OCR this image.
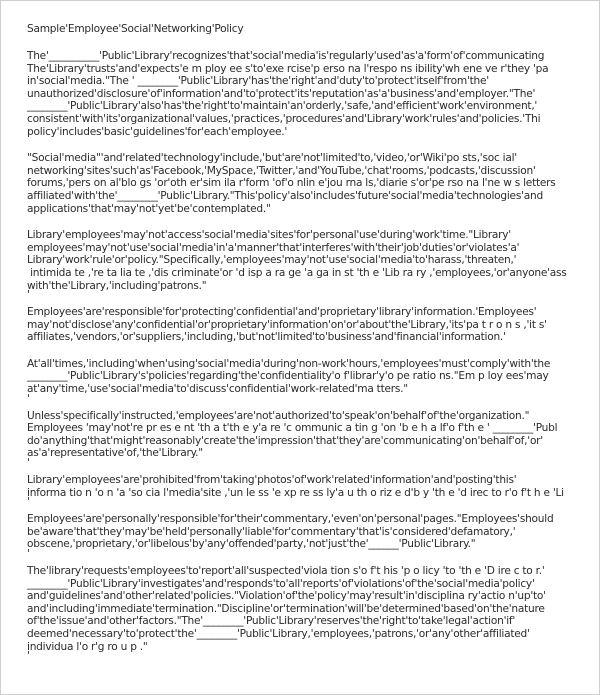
Sample'Employee'Social'Networking'Policy
The'__________'Public'Library'recognizes'that'social'media'is'regularly'used'as'a'form'of'communicating
The'Library'trusts'and'expects'e m ploy ee s'to'exe rcise'p erso na l'respo ns ibility'wh ene ve r'they 'pa
in'social'media."The ' ________'Public'Library'has'the'right'and'duty'to'protect'itself'from'the'
unauthorized'disclosure'of'information'and'to'protect'its'reputation'as'a'business'and'employer."The'
________'Public'Library'also'has'the'right'to'maintain'an'orderly,'safe,'and'efficient'work'environment,'
consistent'with'its'organizational'values,'practices,'procedures'and'Library'work'rules'and'policies.'Thi
policy'includes'basic'guidelines'for'each'employee.'
"Social'media"'and'related'technology'include,'but'are'not'limited'to,'video,'or'Wiki'po sts,'soc ial'
networking'sites'such'as'Facebook,'MySpace,'Twitter,'and'YouTube,'chat'rooms,'podcasts,'discussion'
forums,'pers on al'blo gs 'or'oth er'sim ila r'form 'of'o nlin e'jou rna ls,'diarie s'or'pe rso na l'ne w s letters
affiliated'with'the'________'Public'Library."This'policy'also'includes'future'social'media'technologies'and
applications'that'may'not'yet'be'contemplated."
Library'employees'may'not'access'social'media'sites'for'personal'use'during'work'time."Library'
employees'may'not'use'social'media'in'a'manner'that'interferes'with'their'job'duties'or'violates'a'
Library'work'rule'or'policy."Specifically,'employees'may'not'use'social'media'to'harass,'threaten,'
intimida te ,'re ta lia te ,'dis criminate'or 'd isp a ra ge 'a ga in st 'th e 'Lib ra ry ,'employees,'or'anyone'ass
with'the'Library,'including'patrons."
'
Employees'are'responsible'for'protecting'confidential'and'proprietary'library'information.'Employees'
may'not'disclose'any'confidential'or'proprietary'information'on'or'about'the'Library,'its'pa t r o n s ,'it s'
affiliates,'vendors,'or'suppliers,'including,'but'not'limited'to'business'and'financial'information.'
At'all'times,'including'when'using'social'media'during'non-work'hours,'employees'must'comply'with'the
________'Public'Library's'policies'regarding'the'confidentiality'o f'librar'y'o pe ratio ns."Em p loy ees'may
at'any'time,'use'social'media'to'discuss'confidential'work-related'ma tters."
'
Unless'specifically'instructed,'employees'are'not'authorized'to'speak'on'behalf'of'the'organization."
Employees 'may'not're pr es e nt 'th a t'th e y'a re 'c ommunic a tin g 'on 'b e h a lf'o f'th e ' ________'Publ
do'anything'that'might'reasonably'create'the'impression'that'they'are'communicating'on'behalf'of,'or'
as'a'representative'of,'the'Library."
'
Library'employees'are'prohibited'from'taking'photos'of'work'related'information'and'posting'this'
informa tio n 'o n 'a 'so cia l'media'site ,'un le ss 'e xp re ss ly'a u th o riz e d'b y 'th e 'd irec to r'o f't h e 'Li
'
Employees'are'personally'responsible'for'their'commentary,'even'on'personal'pages."Employees'should
be'aware'that'they'may'be'held'personally'liable'for'commentary'that'is'considered'defamatory,'
obscene,'proprietary,'or'libelous'by'any'offended'party,'not'just'the'______'Public'Library."
'
The'library'requests'employees'to'report'all'suspected'viola tion s'o f't his 'p o licy 'to 'th e 'D ire c to r.'
________'Public'Library'investigates'and'responds'to'all'reports'of'violations'of'the'social'media'policy'
and'guidelines'and'other'related'policies."Violation'of'the'policy'may'result'in'disciplina ry'actio n'up'to'
and'including'immediate'termination."Discipline'or'termination'will'be'determined'based'on'the'nature
of'the'issue'and'other'factors."The'________'Public'Library'reserves'the'right'to'take'legal'action'if'
deemed'necessary'to'protect'the'________'Public'Library,'employees,'patrons,'or'any'other'affiliated'
individua l'o r'g ro u p ."
'
